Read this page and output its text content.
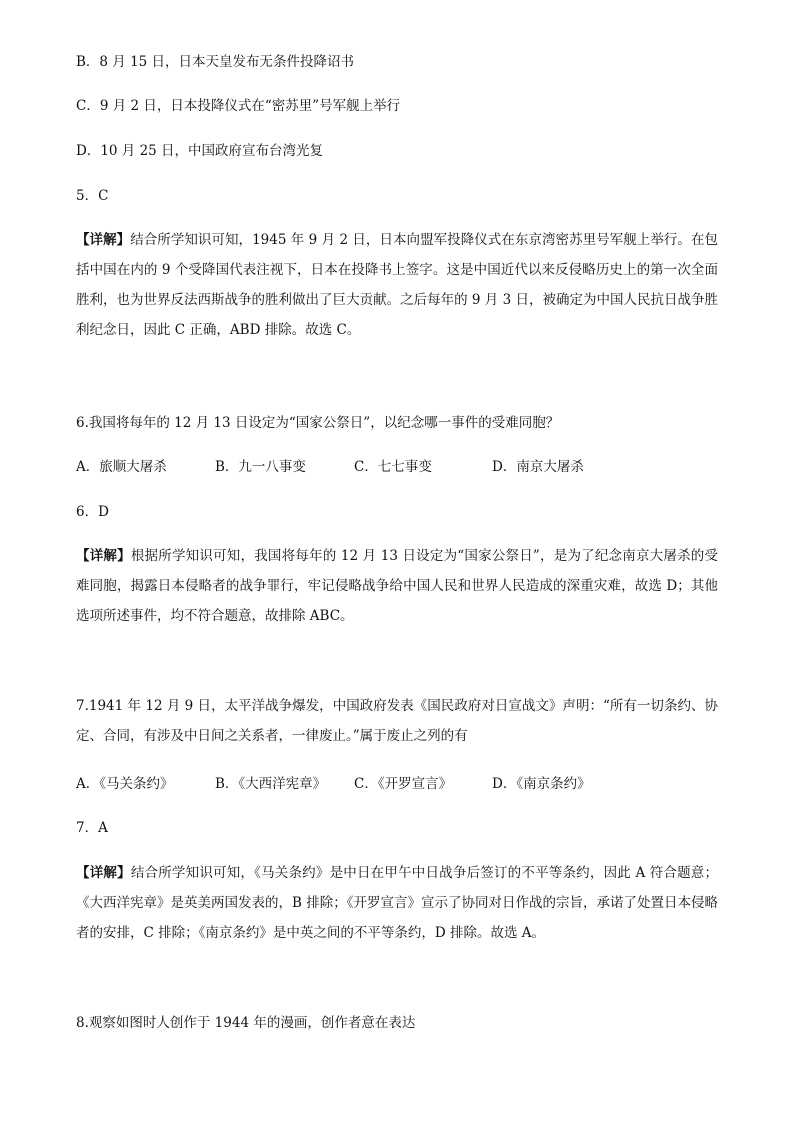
B．8 月 15 日，日本天皇发布无条件投降诏书
C．9 月 2 日，日本投降仪式在“密苏里”号军舰上举行
D．10 月 25 日，中国政府宣布台湾光复
5．C
【详解】结合所学知识可知，1945 年 9 月 2 日，日本向盟军投降仪式在东京湾密苏里号军舰上举行。在包括中国在内的 9 个受降国代表注视下，日本在投降书上签字。这是中国近代以来反侵略历史上的第一次全面胜利，也为世界反法西斯战争的胜利做出了巨大贡献。之后每年的 9 月 3 日，被确定为中国人民抗日战争胜利纪念日，因此 C 正确，ABD 排除。故选 C。
6.我国将每年的 12 月 13 日设定为“国家公祭日”，以纪念哪一事件的受难同胞？
A．旅顺大屠杀	B．九一八事变	C．七七事变	D．南京大屠杀
6．D
【详解】根据所学知识可知，我国将每年的 12 月 13 日设定为“国家公祭日”，是为了纪念南京大屠杀的受难同胞，揭露日本侵略者的战争罪行，牢记侵略战争给中国人民和世界人民造成的深重灾难，故选 D；其他选项所述事件，均不符合题意，故排除 ABC。
7.1941 年 12 月 9 日，太平洋战争爆发，中国政府发表《国民政府对日宣战文》声明：“所有一切条约、协定、合同，有涉及中日间之关系者，一律废止。”属于废止之列的有
A．《马关条约》	B．《大西洋宪章》 C．《开罗宣言》	D．《南京条约》
7．A
【详解】结合所学知识可知，《马关条约》是中日在甲午中日战争后签订的不平等条约，因此 A 符合题意；《大西洋宪章》是英美两国发表的，B 排除；《开罗宣言》宣示了协同对日作战的宗旨，承诺了处置日本侵略者的安排，C 排除；《南京条约》是中英之间的不平等条约，D 排除。故选 A。
8.观察如图时人创作于 1944 年的漫画，创作者意在表达
